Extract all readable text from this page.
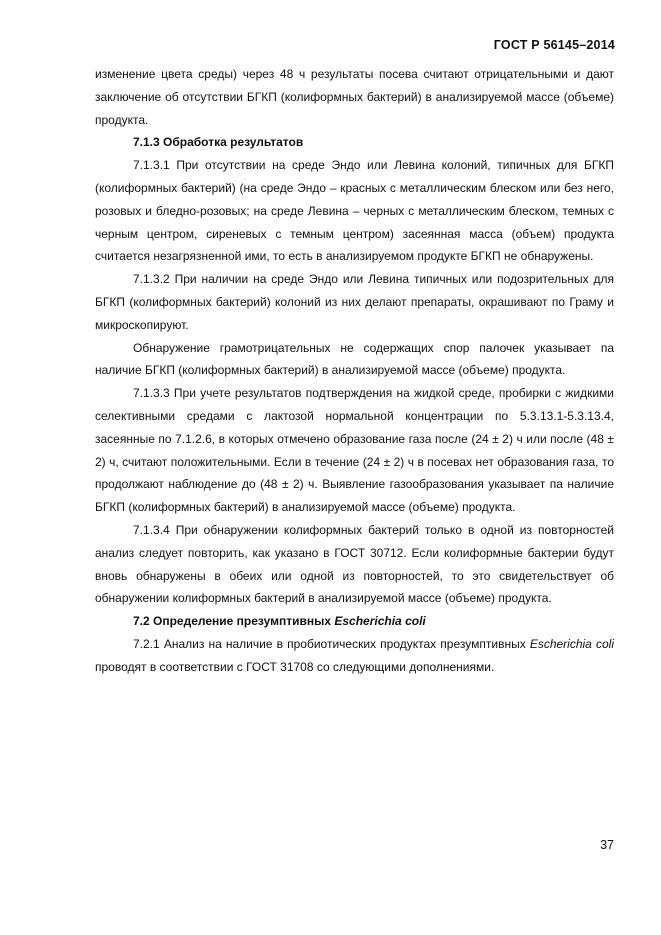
ГОСТ Р 56145–2014

изменение цвета среды) через 48 ч результаты посева считают отрицательными и дают заключение об отсутствии БГКП (колиформных бактерий) в анализируемой массе (объеме) продукта.

7.1.3 Обработка результатов

7.1.3.1 При отсутствии на среде Эндо или Левина колоний, типичных для БГКП (колиформных бактерий) (на среде Эндо – красных с металлическим блеском или без него, розовых и бледно-розовых; на среде Левина – черных с металлическим блеском, темных с черным центром, сиреневых с темным центром) засеянная масса (объем) продукта считается незагрязненной ими, то есть в анализируемом продукте БГКП не обнаружены.

7.1.3.2 При наличии на среде Эндо или Левина типичных или подозрительных для БГКП (колиформных бактерий) колоний из них делают препараты, окрашивают по Граму и микроскопируют.

Обнаружение грамотрицательных не содержащих спор палочек указывает па наличие БГКП (колиформных бактерий) в анализируемой массе (объеме) продукта.

7.1.3.3 При учете результатов подтверждения на жидкой среде, пробирки с жидкими селективными средами с лактозой нормальной концентрации по 5.3.13.1-5.3.13.4, засеянные по 7.1.2.6, в которых отмечено образование газа после (24 ± 2) ч или после (48 ± 2) ч, считают положительными. Если в течение (24 ± 2) ч в посевах нет образования газа, то продолжают наблюдение до (48 ± 2) ч. Выявление газообразования указывает па наличие БГКП (колиформных бактерий) в анализируемой массе (объеме) продукта.

7.1.3.4 При обнаружении колиформных бактерий только в одной из повторностей анализ следует повторить, как указано в ГОСТ 30712. Если колиформные бактерии будут вновь обнаружены в обеих или одной из повторностей, то это свидетельствует об обнаружении колиформных бактерий в анализируемой массе (объеме) продукта.

7.2 Определение презумптивных Escherichia coli

7.2.1 Анализ на наличие в пробиотических продуктах презумптивных Escherichia coli проводят в соответствии с ГОСТ 31708 со следующими дополнениями.

37
